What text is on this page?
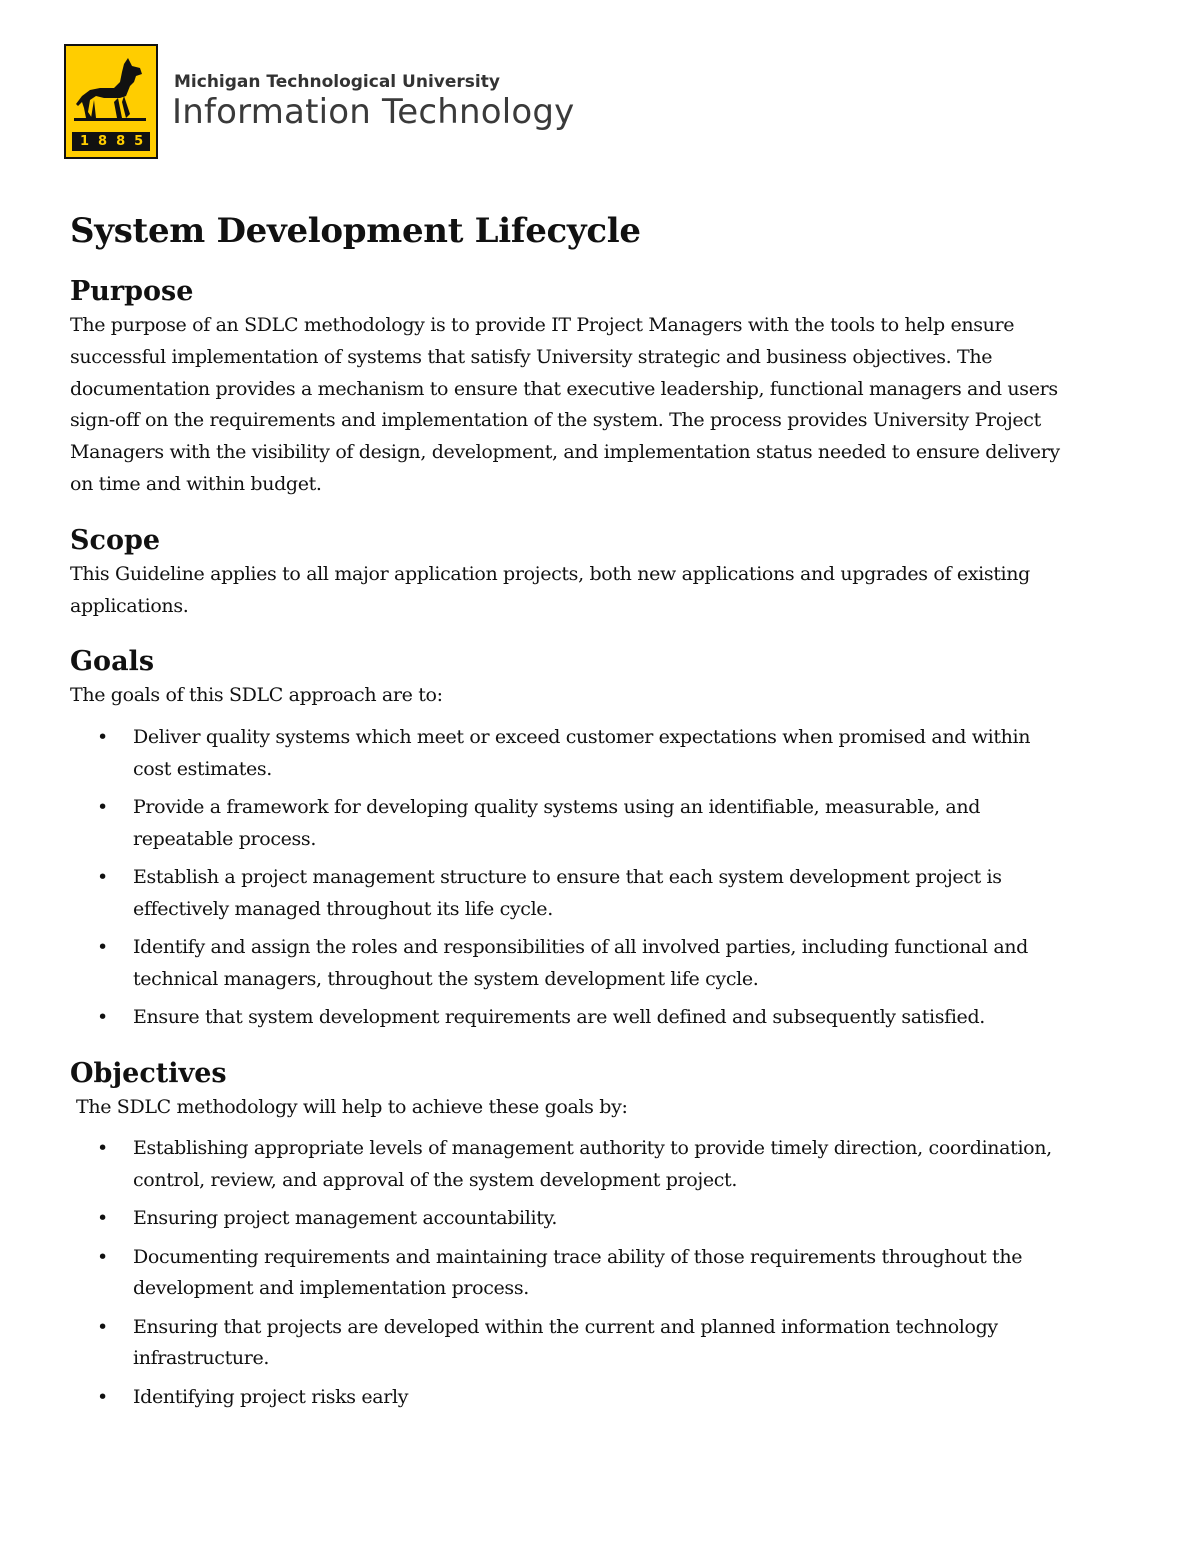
1885
Michigan Technological University
Information Technology
System Development Lifecycle
Purpose

The purpose of an SDLC methodology is to provide IT Project Managers with the tools to help ensure successful implementation of systems that satisfy University strategic and business objectives. The documentation provides a mechanism to ensure that executive leadership, functional managers and users sign-off on the requirements and implementation of the system. The process provides University Project Managers with the visibility of design, development, and implementation status needed to ensure delivery on time and within budget.

Scope

This Guideline applies to all major application projects, both new applications and upgrades of existing applications.

Goals

The goals of this SDLC approach are to:

• Deliver quality systems which meet or exceed customer expectations when promised and within cost estimates.
• Provide a framework for developing quality systems using an identifiable, measurable, and repeatable process.
• Establish a project management structure to ensure that each system development project is effectively managed throughout its life cycle.
• Identify and assign the roles and responsibilities of all involved parties, including functional and technical managers, throughout the system development life cycle.
• Ensure that system development requirements are well defined and subsequently satisfied.
Objectives

The SDLC methodology will help to achieve these goals by:

• Establishing appropriate levels of management authority to provide timely direction, coordination, control, review, and approval of the system development project.
• Ensuring project management accountability.
• Documenting requirements and maintaining trace ability of those requirements throughout the development and implementation process.
• Ensuring that projects are developed within the current and planned information technology infrastructure.
• Identifying project risks early
